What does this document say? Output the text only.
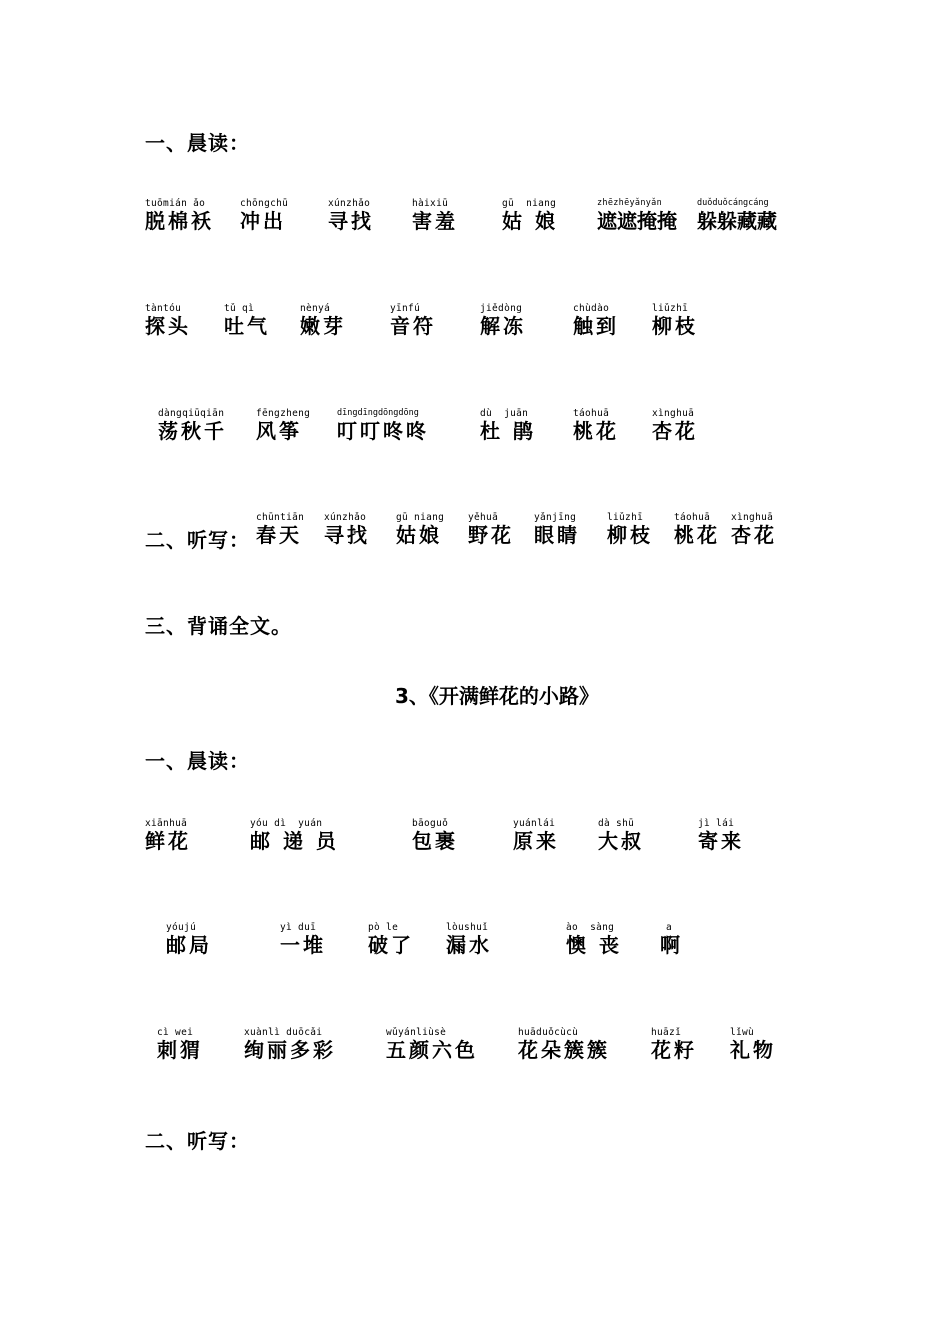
一、晨读：
tuōmián ǎo
脱棉袄
chōngchū
冲出
xúnzhǎo
寻找
hàixiū
害羞
gū  niang
姑 娘
zhēzhēyǎnyǎn
遮遮掩掩
duǒduǒcángcáng
躲躲藏藏
tàntóu
探头
tǔ qì
吐气
nènyá
嫩芽
yīnfú
音符
jiědòng
解冻
chùdào
触到
liǔzhī
柳枝
dàngqiūqiān
荡秋千
fēngzheng
风筝
dīngdīngdōngdōng
叮叮咚咚
dù  juān
杜 鹃
táohuā
桃花
xìnghuā
杏花
二、听写：
chūntiān
春天
xúnzhǎo
寻找
gū niang
姑娘
yěhuā
野花
yǎnjīng
眼睛
liǔzhī
柳枝
táohuā
桃花
xìnghuā
杏花
三、背诵全文。
3、《开满鲜花的小路》
一、晨读：
xiānhuā
鲜花
yóu dì  yuán
邮 递 员
bāoguǒ
包裹
yuánlái
原来
dà shū
大叔
jì lái
寄来
yóujú
邮局
yì duī
一堆
pò le
破了
lòushuǐ
漏水
ào  sàng
懊 丧
a
啊
cì wei
刺猬
xuànlì duōcǎi
绚丽多彩
wǔyánliùsè
五颜六色
huāduǒcùcù
花朵簇簇
huāzǐ
花籽
lǐwù
礼物
二、听写：
